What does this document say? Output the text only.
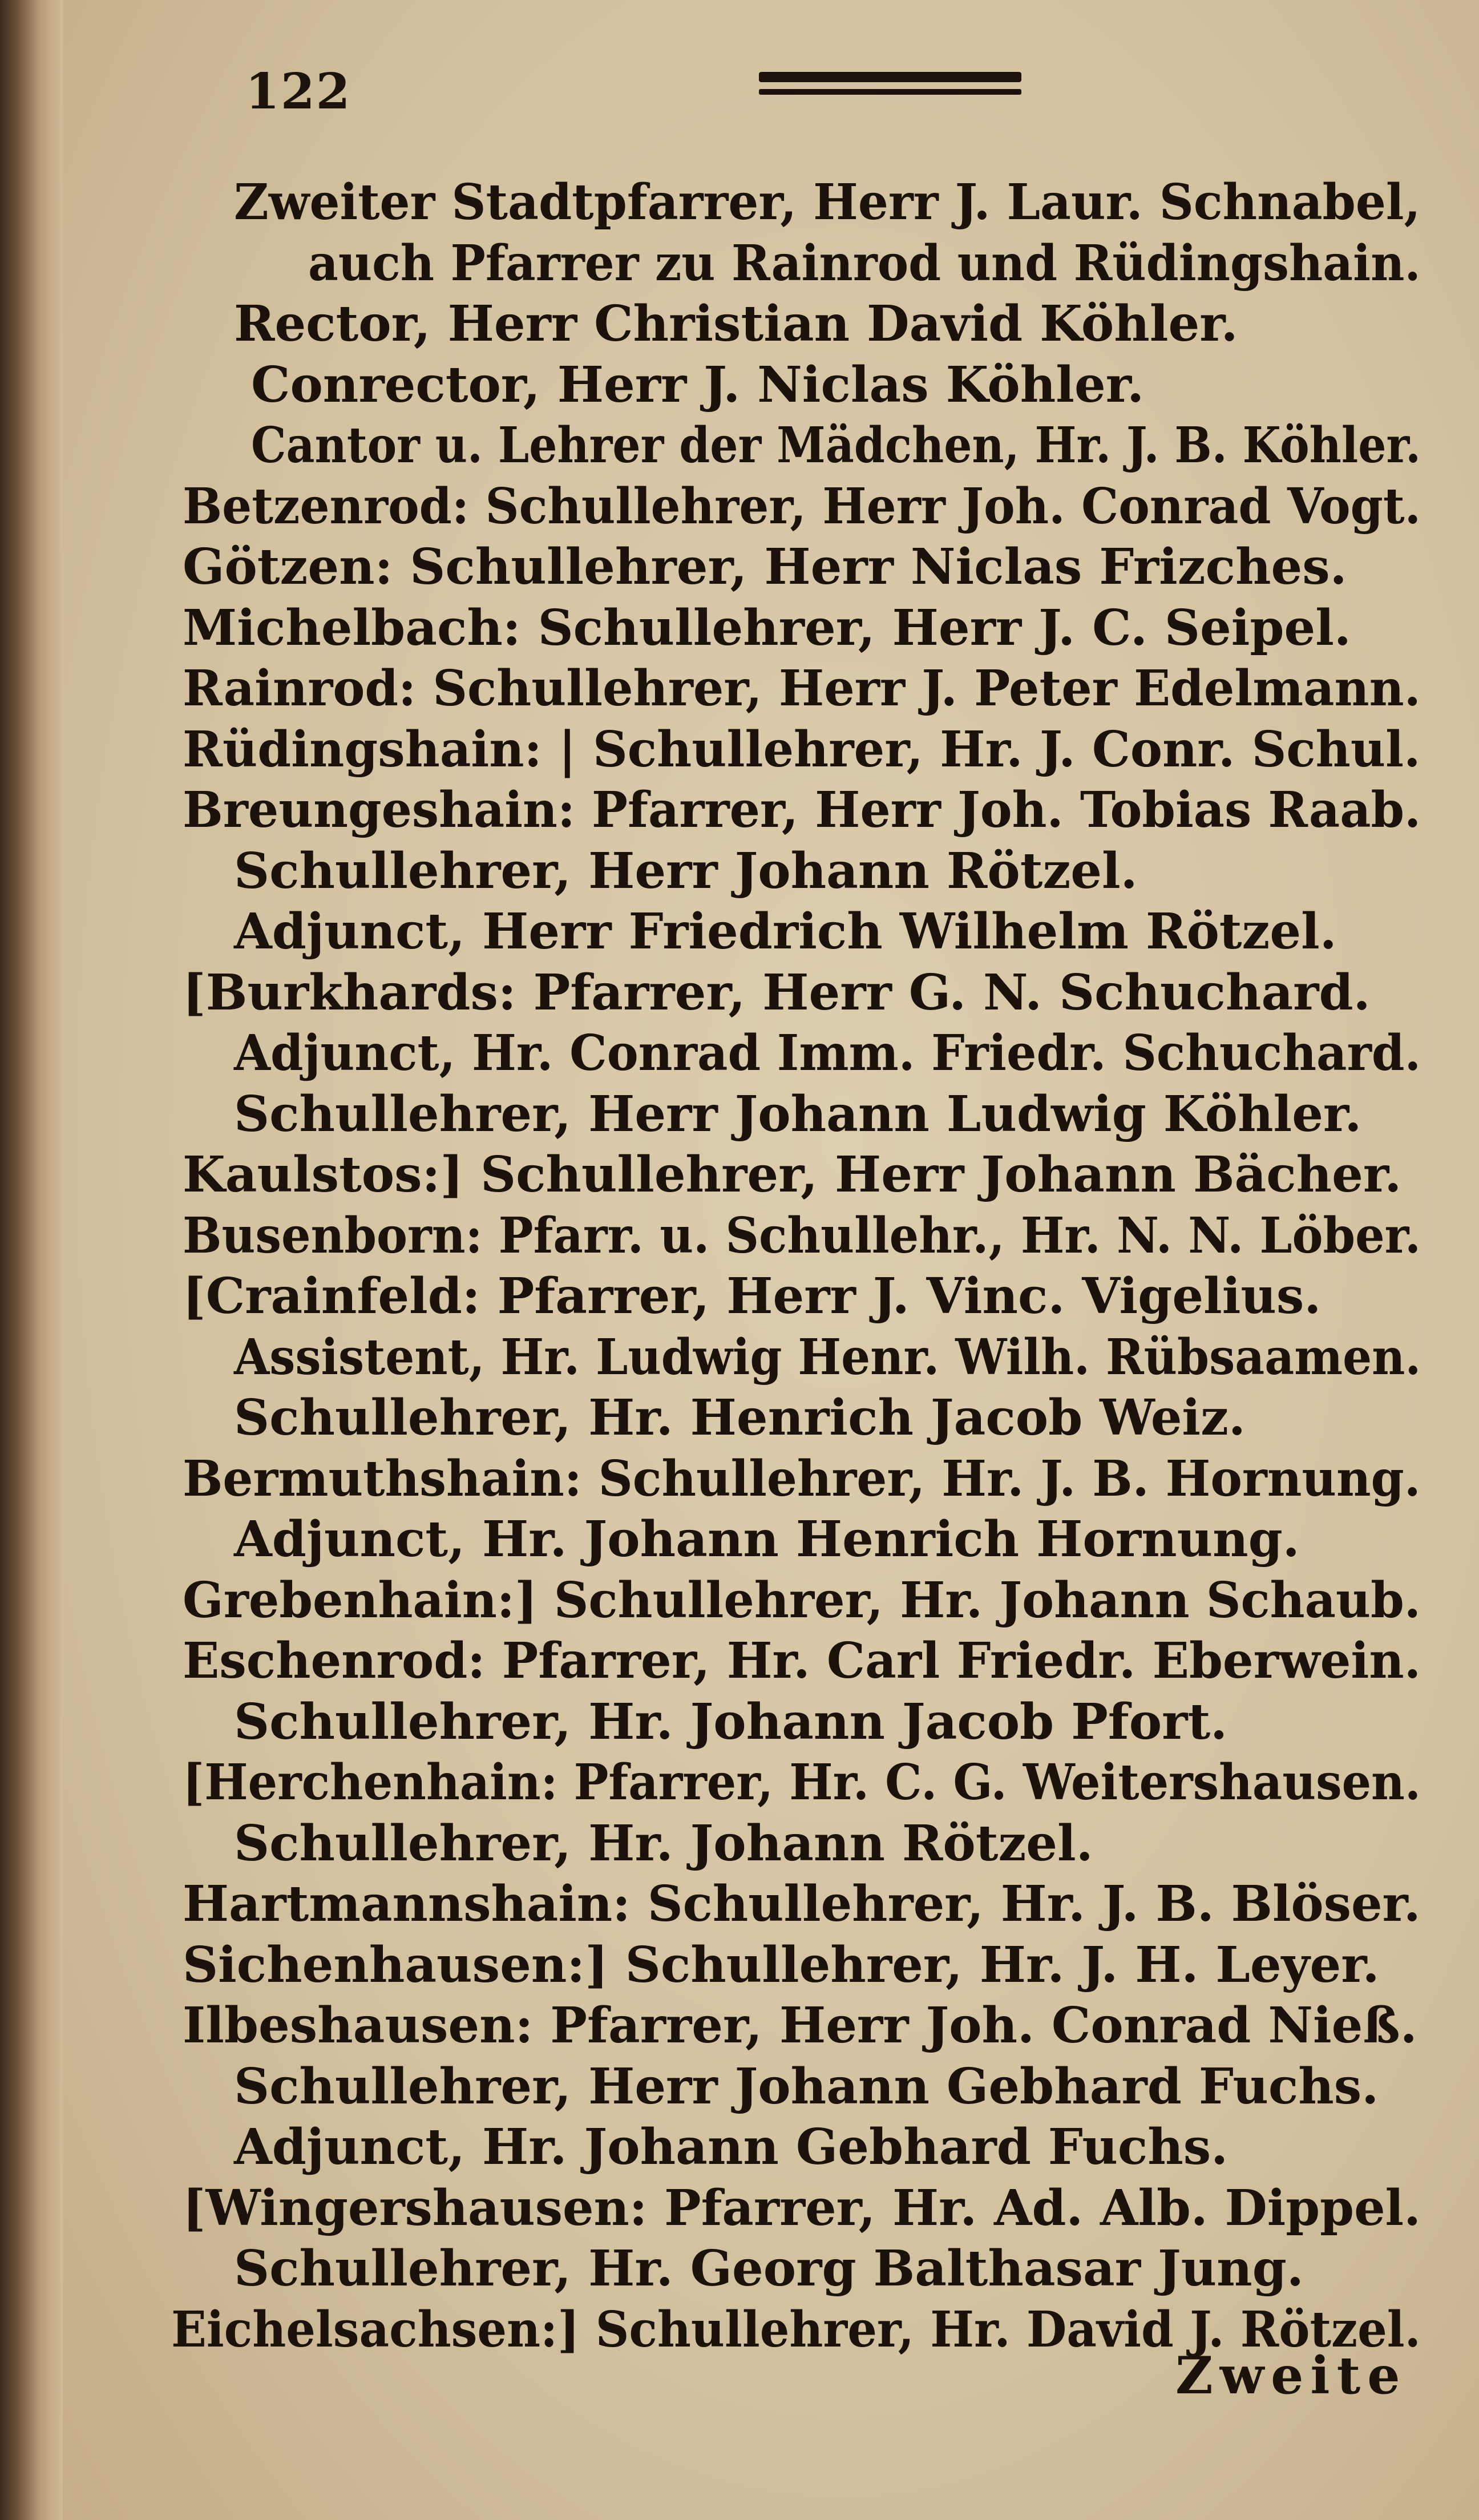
122
Zweiter Stadtpfarrer, Herr J. Laur. Schnabel,
auch Pfarrer zu Rainrod und Rüdingshain.
Rector, Herr Christian David Köhler.
Conrector, Herr J. Niclas Köhler.
Cantor u. Lehrer der Mädchen, Hr. J. B. Köhler.
Betzenrod: Schullehrer, Herr Joh. Conrad Vogt.
Götzen: Schullehrer, Herr Niclas Frizches.
Michelbach: Schullehrer, Herr J. C. Seipel.
Rainrod: Schullehrer, Herr J. Peter Edelmann.
Rüdingshain: | Schullehrer, Hr. J. Conr. Schul.
Breungeshain: Pfarrer, Herr Joh. Tobias Raab.
Schullehrer, Herr Johann Rötzel.
Adjunct, Herr Friedrich Wilhelm Rötzel.
[Burkhards: Pfarrer, Herr G. N. Schuchard.
Adjunct, Hr. Conrad Imm. Friedr. Schuchard.
Schullehrer, Herr Johann Ludwig Köhler.
Kaulstos:] Schullehrer, Herr Johann Bächer.
Busenborn: Pfarr. u. Schullehr., Hr. N. N. Löber.
[Crainfeld: Pfarrer, Herr J. Vinc. Vigelius.
Assistent, Hr. Ludwig Henr. Wilh. Rübsaamen.
Schullehrer, Hr. Henrich Jacob Weiz.
Bermuthshain: Schullehrer, Hr. J. B. Hornung.
Adjunct, Hr. Johann Henrich Hornung.
Grebenhain:] Schullehrer, Hr. Johann Schaub.
Eschenrod: Pfarrer, Hr. Carl Friedr. Eberwein.
Schullehrer, Hr. Johann Jacob Pfort.
[Herchenhain: Pfarrer, Hr. C. G. Weitershausen.
Schullehrer, Hr. Johann Rötzel.
Hartmannshain: Schullehrer, Hr. J. B. Blöser.
Sichenhausen:] Schullehrer, Hr. J. H. Leyer.
Ilbeshausen: Pfarrer, Herr Joh. Conrad Nieß.
Schullehrer, Herr Johann Gebhard Fuchs.
Adjunct, Hr. Johann Gebhard Fuchs.
[Wingershausen: Pfarrer, Hr. Ad. Alb. Dippel.
Schullehrer, Hr. Georg Balthasar Jung.
Eichelsachsen:] Schullehrer, Hr. David J. Rötzel.
Zweite
